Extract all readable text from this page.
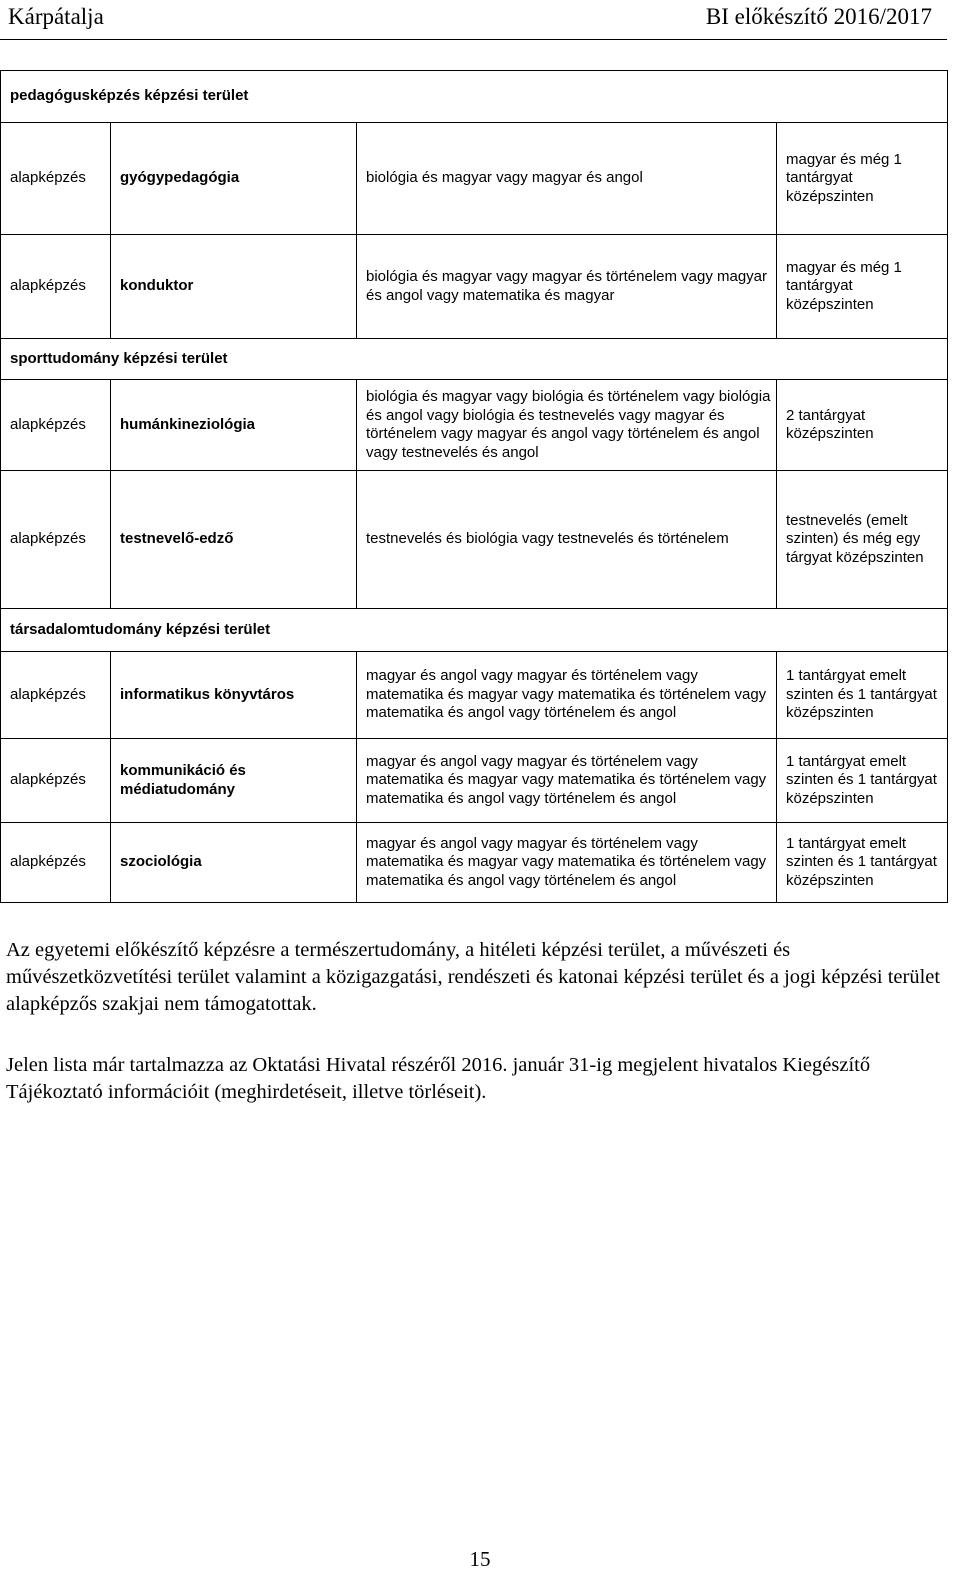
Kárpátalja	BI előkészítő 2016/2017
pedagógusképzés képzési terület			
alapképzés	gyógypedagógia	biológia és magyar vagy magyar és angol	magyar és még 1 tantárgyat középszinten
alapképzés	konduktor	biológia és magyar vagy magyar és történelem vagy magyar és angol vagy matematika és magyar	magyar és még 1 tantárgyat középszinten
sporttudomány képzési terület			
alapképzés	humánkineziológia	biológia és magyar vagy biológia és történelem vagy biológia és angol vagy biológia és testnevelés vagy magyar és történelem vagy magyar és angol vagy történelem és angol vagy testnevelés és angol	2 tantárgyat középszinten
alapképzés	testnevelő-edző	testnevelés és biológia vagy testnevelés és történelem	testnevelés (emelt szinten) és még egy tárgyat középszinten
társadalomtudomány képzési terület			
alapképzés	informatikus könyvtáros	magyar és angol vagy magyar és történelem vagy matematika és magyar vagy matematika és történelem vagy matematika és angol vagy történelem és angol	1 tantárgyat emelt szinten és 1 tantárgyat középszinten
alapképzés	kommunikáció és médiatudomány	magyar és angol vagy magyar és történelem vagy matematika és magyar vagy matematika és történelem vagy matematika és angol vagy történelem és angol	1 tantárgyat emelt szinten és 1 tantárgyat középszinten
alapképzés	szociológia	magyar és angol vagy magyar és történelem vagy matematika és magyar vagy matematika és történelem vagy matematika és angol vagy történelem és angol	1 tantárgyat emelt szinten és 1 tantárgyat középszinten
Az egyetemi előkészítő képzésre a természertudomány, a hitéleti képzési terület, a művészeti és művészetközvetítési terület valamint a közigazgatási, rendészeti és katonai képzési terület és a jogi képzési terület alapképzős szakjai nem támogatottak.
Jelen lista már tartalmazza az Oktatási Hivatal részéről 2016. január 31-ig megjelent hivatalos Kiegészítő Tájékoztató információit (meghirdetéseit, illetve törléseit).
15
